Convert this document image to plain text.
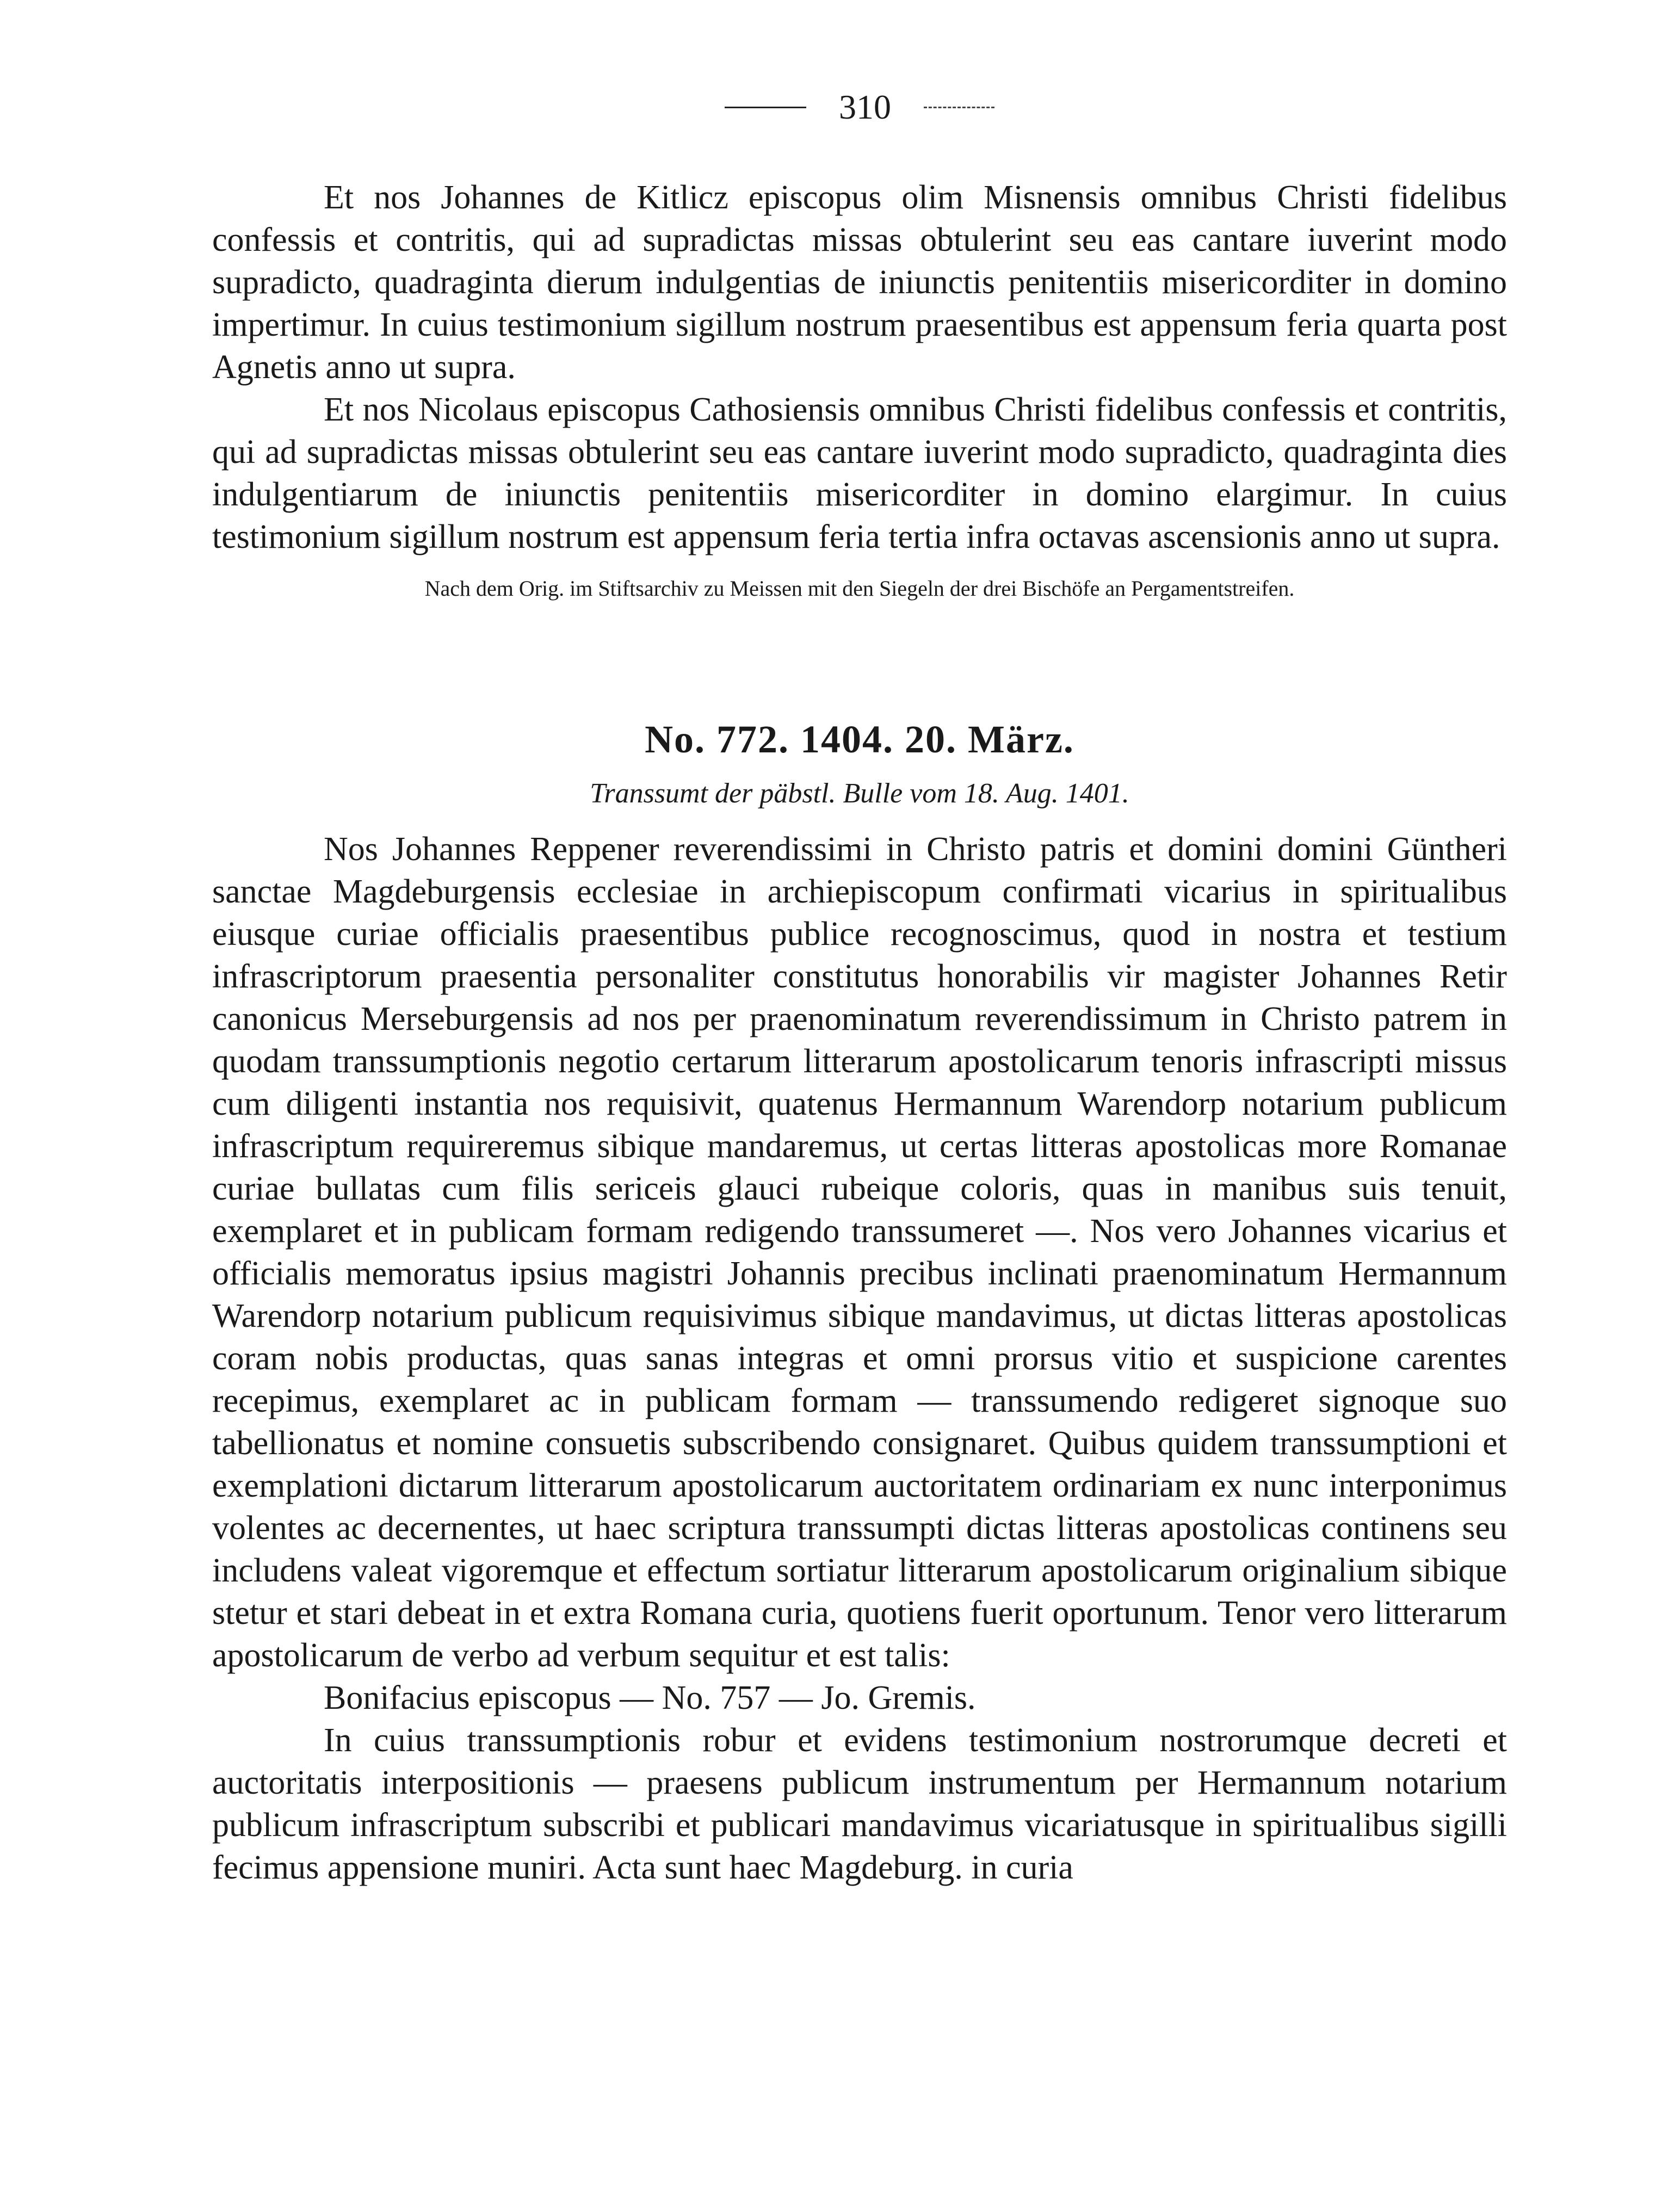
310

Et nos Johannes de Kitlicz episcopus olim Misnensis omnibus Christi fidelibus confessis et contritis, qui ad supradictas missas obtulerint seu eas cantare iuverint modo supradicto, quadraginta dierum indulgentias de iniunctis penitentiis misericorditer in domino impertimur. In cuius testimonium sigillum nostrum praesentibus est appensum feria quarta post Agnetis anno ut supra.

Et nos Nicolaus episcopus Cathosiensis omnibus Christi fidelibus confessis et contritis, qui ad supradictas missas obtulerint seu eas cantare iuverint modo supradicto, quadraginta dies indulgentiarum de iniunctis penitentiis misericorditer in domino elargimur. In cuius testimonium sigillum nostrum est appensum feria tertia infra octavas ascensionis anno ut supra.

Nach dem Orig. im Stiftsarchiv zu Meissen mit den Siegeln der drei Bischöfe an Pergamentstreifen.

No. 772. 1404. 20. März.
Transsumt der päbstl. Bulle vom 18. Aug. 1401.

Nos Johannes Reppener reverendissimi in Christo patris et domini domini Güntheri sanctae Magdeburgensis ecclesiae in archiepiscopum confirmati vicarius in spiritualibus eiusque curiae officialis praesentibus publice recognoscimus, quod in nostra et testium infrascriptorum praesentia personaliter constitutus honorabilis vir magister Johannes Retir canonicus Merseburgensis ad nos per praenominatum reverendissimum in Christo patrem in quodam transsumptionis negotio certarum litterarum apostolicarum tenoris infrascripti missus cum diligenti instantia nos requisivit, quatenus Hermannum Warendorp notarium publicum infrascriptum requireremus sibique mandaremus, ut certas litteras apostolicas more Romanae curiae bullatas cum filis sericeis glauci rubeique coloris, quas in manibus suis tenuit, exemplaret et in publicam formam redigendo transsumeret —. Nos vero Johannes vicarius et officialis memoratus ipsius magistri Johannis precibus inclinati praenominatum Hermannum Warendorp notarium publicum requisivimus sibique mandavimus, ut dictas litteras apostolicas coram nobis productas, quas sanas integras et omni prorsus vitio et suspicione carentes recepimus, exemplaret ac in publicam formam — transsumendo redigeret signoque suo tabellionatus et nomine consuetis subscribendo consignaret. Quibus quidem transsumptioni et exemplationi dictarum litterarum apostolicarum auctoritatem ordinariam ex nunc interponimus volentes ac decernentes, ut haec scriptura transsumpti dictas litteras apostolicas continens seu includens valeat vigoremque et effectum sortiatur litterarum apostolicarum originalium sibique stetur et stari debeat in et extra Romana curia, quotiens fuerit oportunum. Tenor vero litterarum apostolicarum de verbo ad verbum sequitur et est talis:

Bonifacius episcopus — No. 757 — Jo. Gremis.

In cuius transsumptionis robur et evidens testimonium nostrorumque decreti et auctoritatis interpositionis — praesens publicum instrumentum per Hermannum notarium publicum infrascriptum subscribi et publicari mandavimus vicariatusque in spiritualibus sigilli fecimus appensione muniri. Acta sunt haec Magdeburg. in curia
